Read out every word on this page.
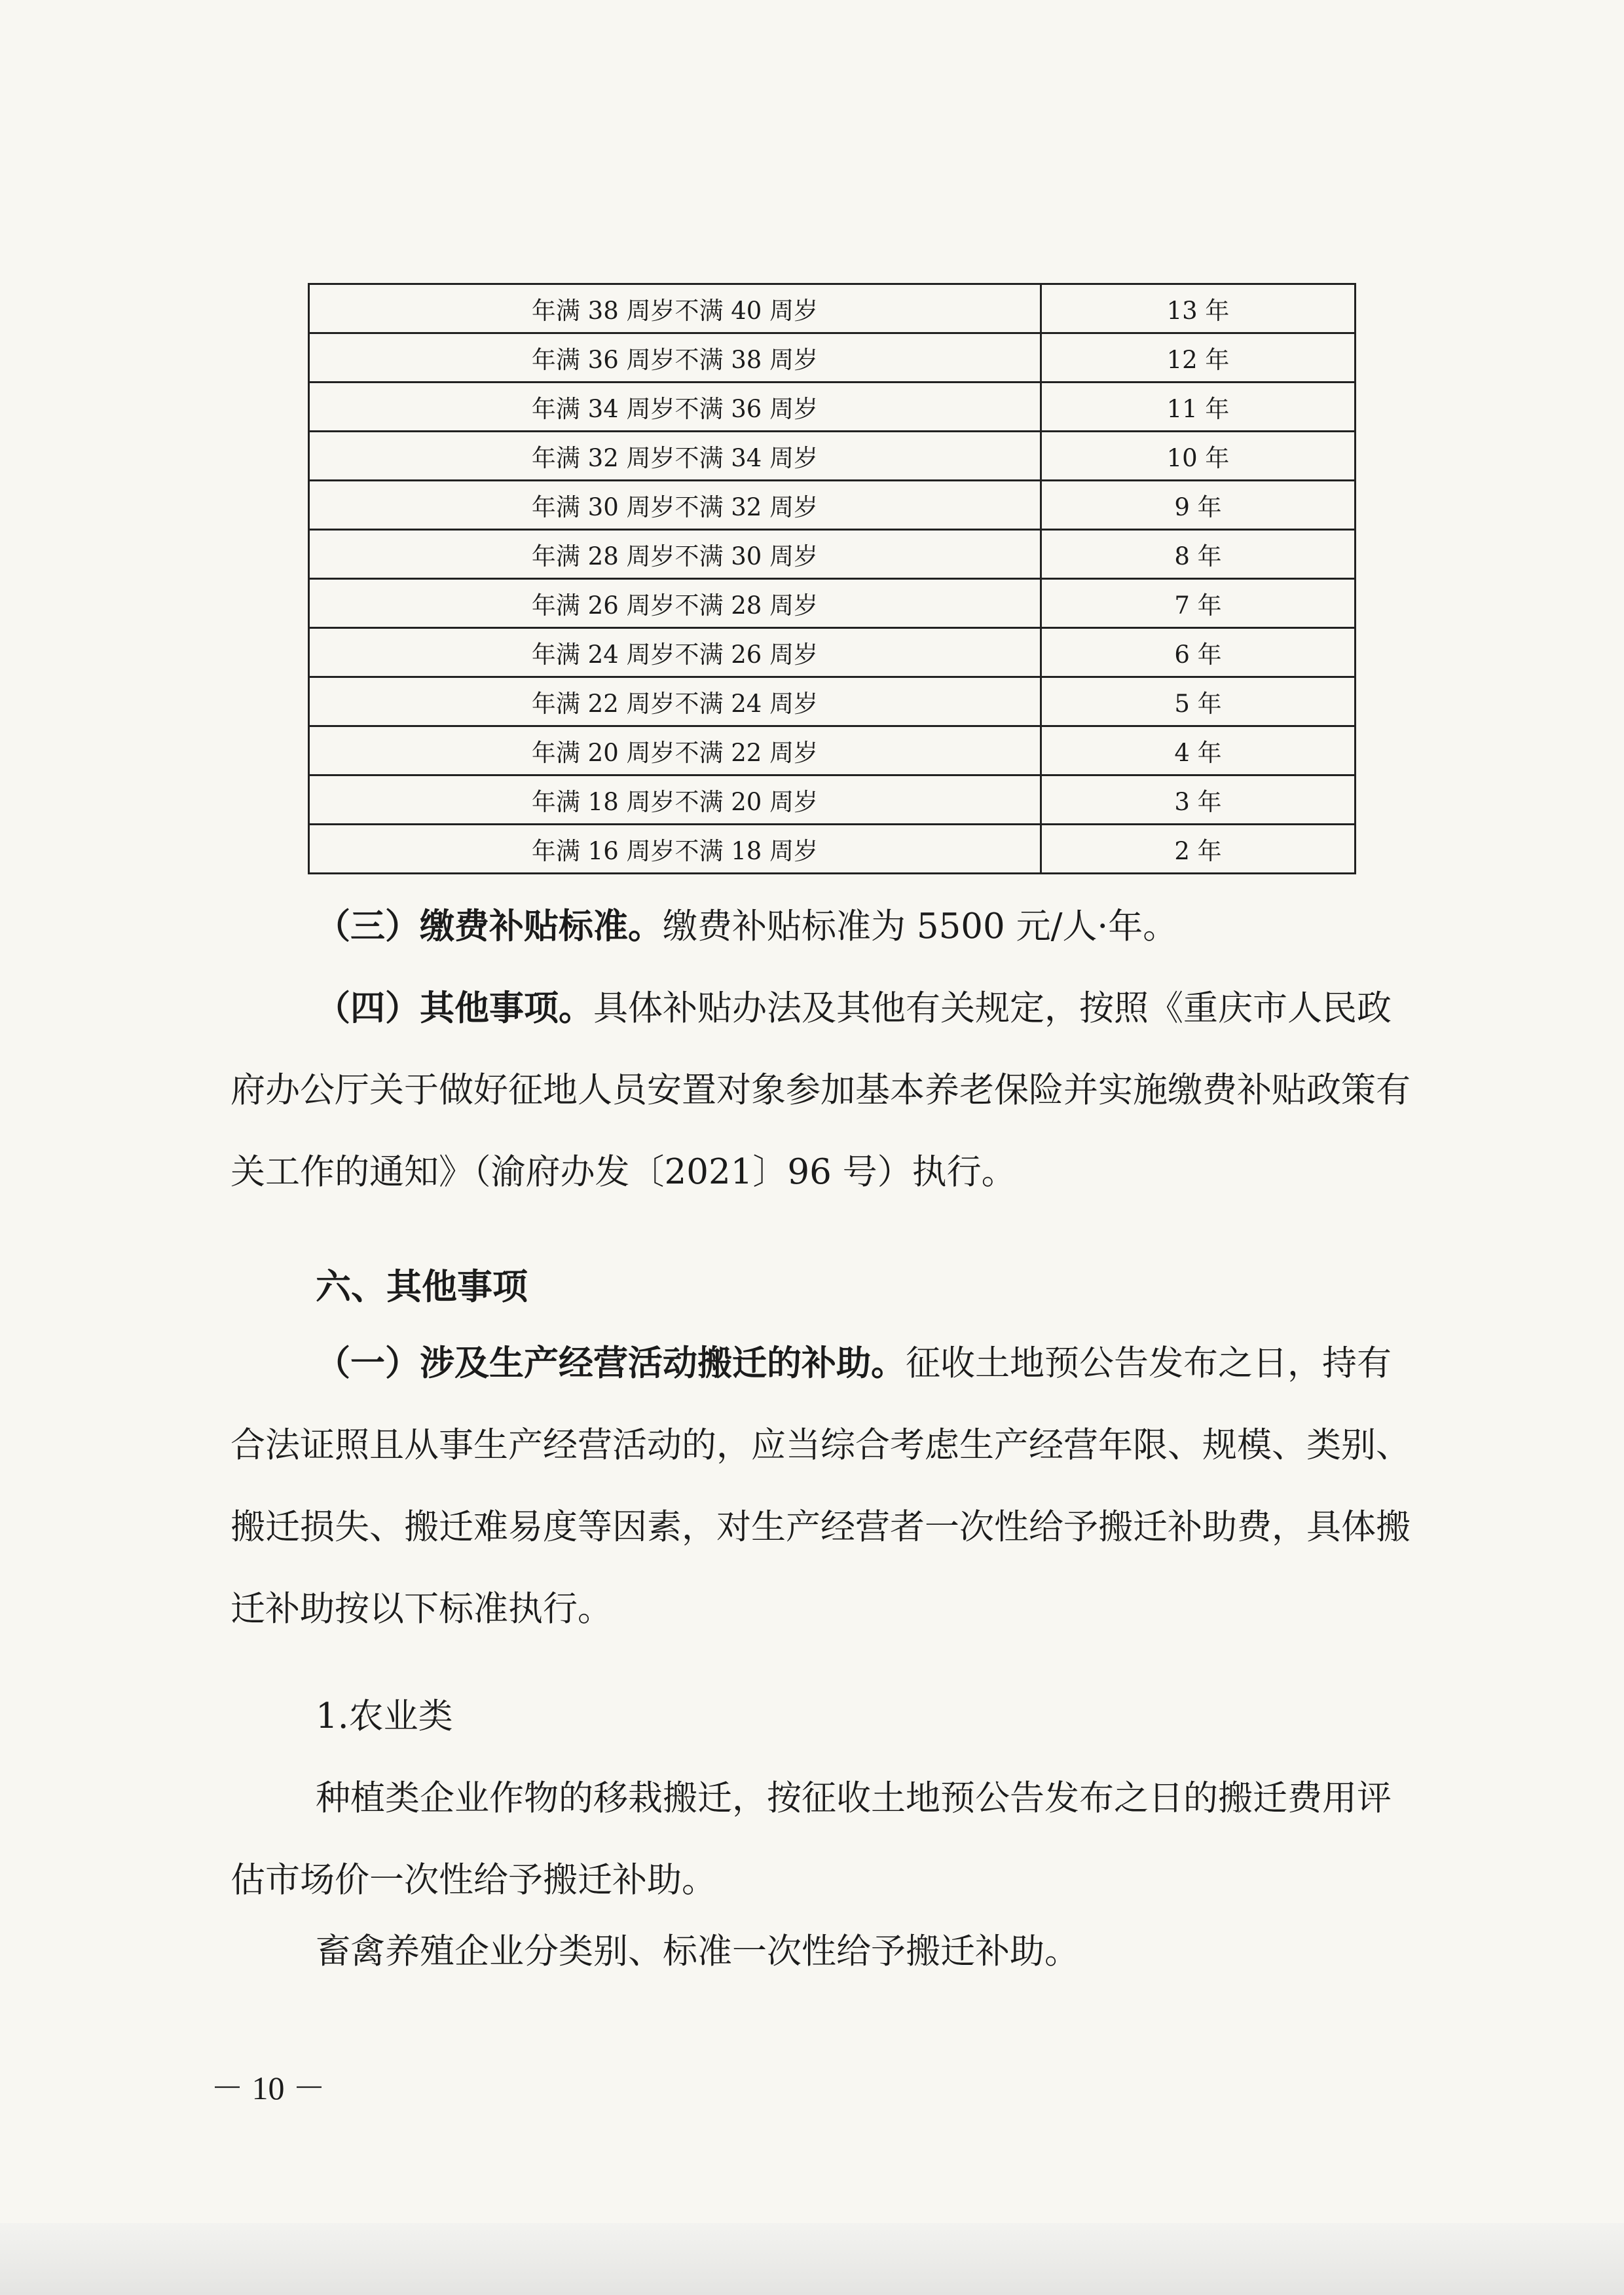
年满 38 周岁不满 40 周岁	13 年
年满 36 周岁不满 38 周岁	12 年
年满 34 周岁不满 36 周岁	11 年
年满 32 周岁不满 34 周岁	10 年
年满 30 周岁不满 32 周岁	9 年
年满 28 周岁不满 30 周岁	8 年
年满 26 周岁不满 28 周岁	7 年
年满 24 周岁不满 26 周岁	6 年
年满 22 周岁不满 24 周岁	5 年
年满 20 周岁不满 22 周岁	4 年
年满 18 周岁不满 20 周岁	3 年
年满 16 周岁不满 18 周岁	2 年

（三）缴费补贴标准。缴费补贴标准为 5500 元/人·年。

（四）其他事项。具体补贴办法及其他有关规定，按照《重庆市人民政府办公厅关于做好征地人员安置对象参加基本养老保险并实施缴费补贴政策有关工作的通知》（渝府办发〔2021〕96 号）执行。

六、其他事项

（一）涉及生产经营活动搬迁的补助。征收土地预公告发布之日，持有合法证照且从事生产经营活动的，应当综合考虑生产经营年限、规模、类别、搬迁损失、搬迁难易度等因素，对生产经营者一次性给予搬迁补助费，具体搬迁补助按以下标准执行。

1.农业类

种植类企业作物的移栽搬迁，按征收土地预公告发布之日的搬迁费用评估市场价一次性给予搬迁补助。

畜禽养殖企业分类别、标准一次性给予搬迁补助。

－ 10 －
